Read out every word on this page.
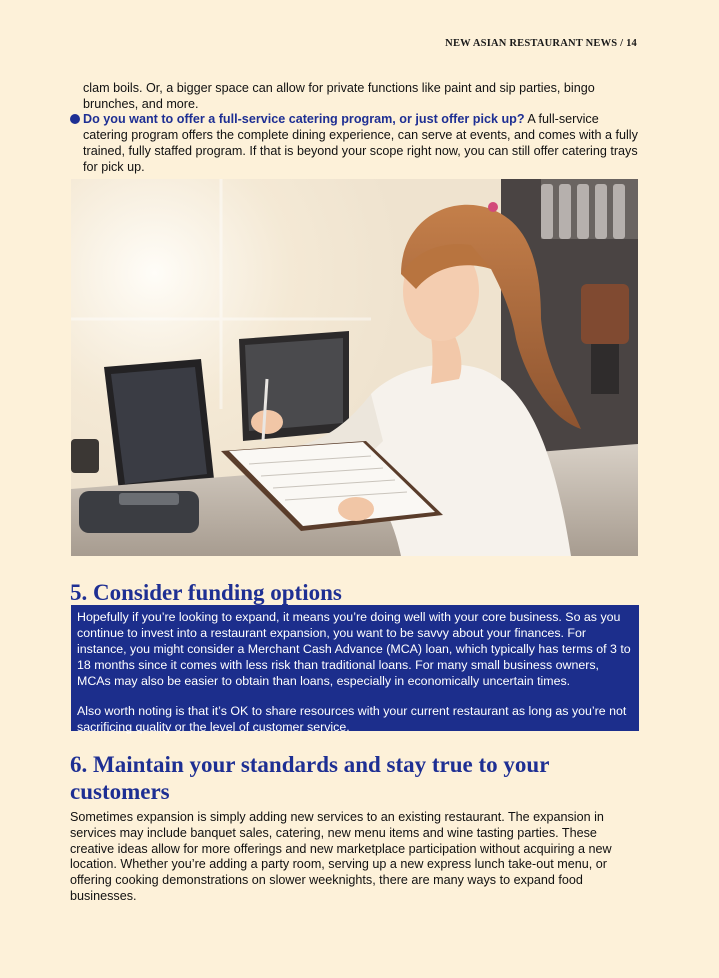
NEW ASIAN RESTAURANT NEWS / 14

clam boils. Or, a bigger space can allow for private functions like paint and sip parties, bingo brunches, and more.

Do you want to offer a full-service catering program, or just offer pick up? A full-service catering program offers the complete dining experience, can serve at events, and comes with a fully trained, fully staffed program. If that is beyond your scope right now, you can still offer catering trays for pick up.
5. Consider funding options

Hopefully if you’re looking to expand, it means you’re doing well with your core business. So as you continue to invest into a restaurant expansion, you want to be savvy about your finances. For instance, you might consider a Merchant Cash Advance (MCA) loan, which typically has terms of 3 to 18 months since it comes with less risk than traditional loans. For many small business owners, MCAs may also be easier to obtain than loans, especially in economically uncertain times.

Also worth noting is that it’s OK to share resources with your current restaurant as long as you’re not sacrificing quality or the level of customer service.

6. Maintain your standards and stay true to your customers

Sometimes expansion is simply adding new services to an existing restaurant. The expansion in services may include banquet sales, catering, new menu items and wine tasting parties. These creative ideas allow for more offerings and new marketplace participation without acquiring a new location. Whether you’re adding a party room, serving up a new express lunch take-out menu, or offering cooking demonstrations on slower weeknights, there are many ways to expand food businesses.
